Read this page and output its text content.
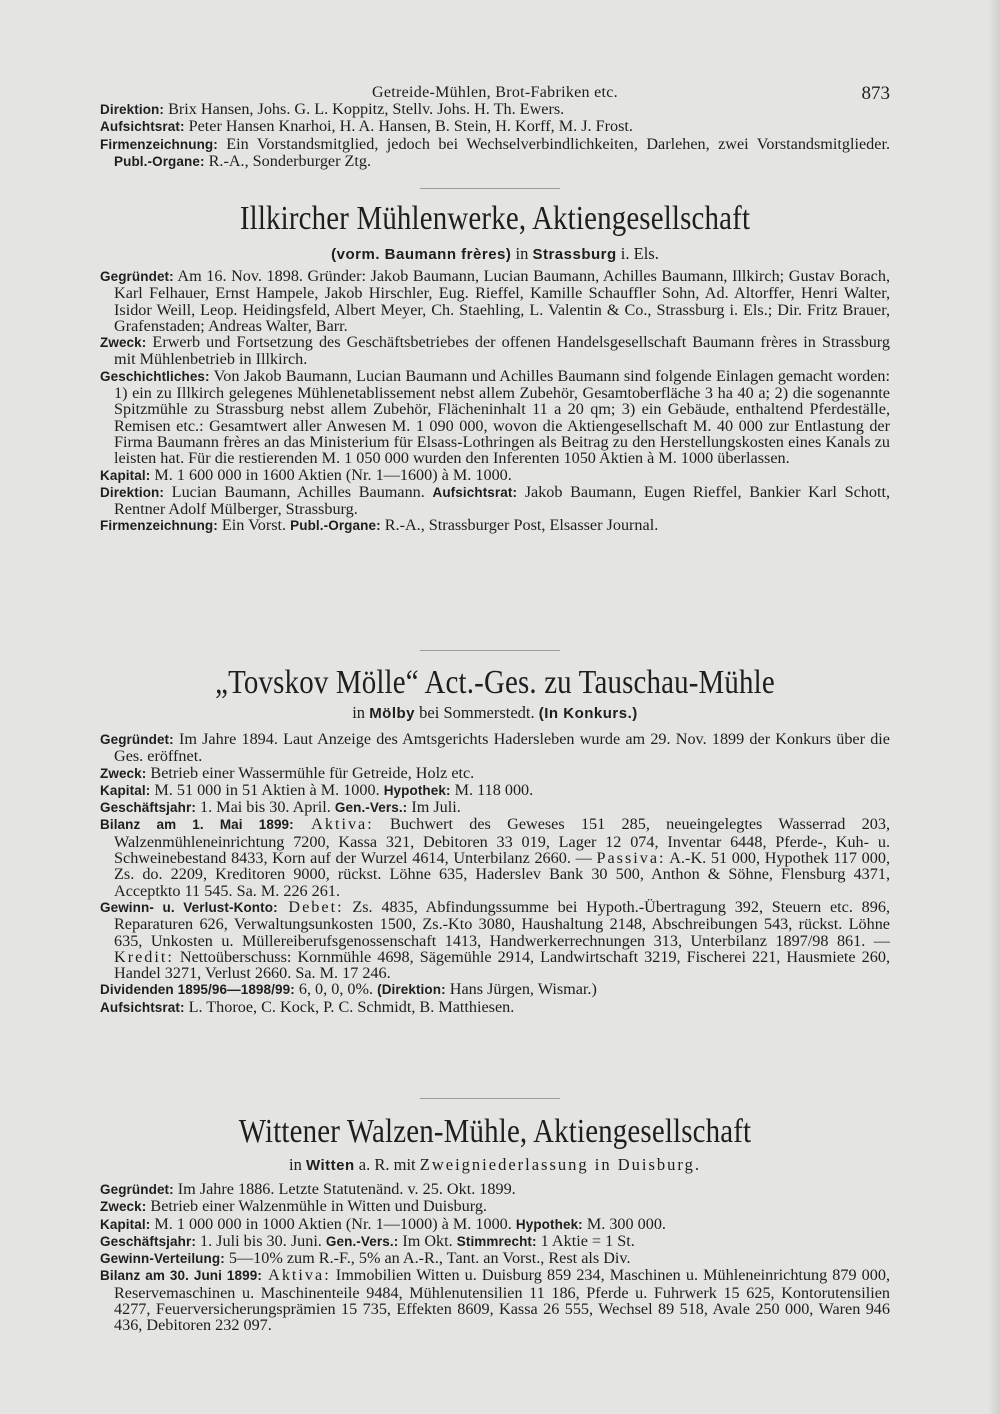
Getreide-Mühlen, Brot-Fabriken etc.	873

Direktion: Brix Hansen, Johs. G. L. Koppitz, Stellv. Johs. H. Th. Ewers.

Aufsichtsrat: Peter Hansen Knarhoi, H. A. Hansen, B. Stein, H. Korff, M. J. Frost.

Firmenzeichnung: Ein Vorstandsmitglied, jedoch bei Wechselverbindlichkeiten, Darlehen, zwei Vorstandsmitglieder. Publ.-Organe: R.-A., Sonderburger Ztg.

Illkircher Mühlenwerke, Aktiengesellschaft
(vorm. Baumann frères) in Strassburg i. Els.

Gegründet: Am 16. Nov. 1898. Gründer: Jakob Baumann, Lucian Baumann, Achilles Baumann, Illkirch; Gustav Borach, Karl Felhauer, Ernst Hampele, Jakob Hirschler, Eug. Rieffel, Kamille Schauffler Sohn, Ad. Altorffer, Henri Walter, Isidor Weill, Leop. Heidingsfeld, Albert Meyer, Ch. Staehling, L. Valentin & Co., Strassburg i. Els.; Dir. Fritz Brauer, Grafenstaden; Andreas Walter, Barr.

Zweck: Erwerb und Fortsetzung des Geschäftsbetriebes der offenen Handelsgesellschaft Baumann frères in Strassburg mit Mühlenbetrieb in Illkirch.

Geschichtliches: Von Jakob Baumann, Lucian Baumann und Achilles Baumann sind folgende Einlagen gemacht worden: 1) ein zu Illkirch gelegenes Mühlenetablissement nebst allem Zubehör, Gesamtoberfläche 3 ha 40 a; 2) die sogenannte Spitzmühle zu Strassburg nebst allem Zubehör, Flächeninhalt 11 a 20 qm; 3) ein Gebäude, enthaltend Pferdeställe, Remisen etc.: Gesamtwert aller Anwesen M. 1 090 000, wovon die Aktiengesellschaft M. 40 000 zur Entlastung der Firma Baumann frères an das Ministerium für Elsass-Lothringen als Beitrag zu den Herstellungskosten eines Kanals zu leisten hat. Für die restierenden M. 1 050 000 wurden den Inferenten 1050 Aktien à M. 1000 überlassen.

Kapital: M. 1 600 000 in 1600 Aktien (Nr. 1—1600) à M. 1000.

Direktion: Lucian Baumann, Achilles Baumann. Aufsichtsrat: Jakob Baumann, Eugen Rieffel, Bankier Karl Schott, Rentner Adolf Mülberger, Strassburg.

Firmenzeichnung: Ein Vorst. Publ.-Organe: R.-A., Strassburger Post, Elsasser Journal.

„Tovskov Mölle“ Act.-Ges. zu Tauschau-Mühle
in Mölby bei Sommerstedt. (In Konkurs.)

Gegründet: Im Jahre 1894. Laut Anzeige des Amtsgerichts Hadersleben wurde am 29. Nov. 1899 der Konkurs über die Ges. eröffnet.

Zweck: Betrieb einer Wassermühle für Getreide, Holz etc.

Kapital: M. 51 000 in 51 Aktien à M. 1000. Hypothek: M. 118 000.

Geschäftsjahr: 1. Mai bis 30. April. Gen.-Vers.: Im Juli.

Bilanz am 1. Mai 1899: Aktiva: Buchwert des Geweses 151 285, neueingelegtes Wasserrad 203, Walzenmühleneinrichtung 7200, Kassa 321, Debitoren 33 019, Lager 12 074, Inventar 6448, Pferde-, Kuh- u. Schweinebestand 8433, Korn auf der Wurzel 4614, Unterbilanz 2660. — Passiva: A.-K. 51 000, Hypothek 117 000, Zs. do. 2209, Kreditoren 9000, rückst. Löhne 635, Haderslev Bank 30 500, Anthon & Söhne, Flensburg 4371, Acceptkto 11 545. Sa. M. 226 261.

Gewinn- u. Verlust-Konto: Debet: Zs. 4835, Abfindungssumme bei Hypoth.-Übertragung 392, Steuern etc. 896, Reparaturen 626, Verwaltungsunkosten 1500, Zs.-Kto 3080, Haushaltung 2148, Abschreibungen 543, rückst. Löhne 635, Unkosten u. Müllereiberufsgenossenschaft 1413, Handwerkerrechnungen 313, Unterbilanz 1897/98 861. — Kredit: Nettoüberschuss: Kornmühle 4698, Sägemühle 2914, Landwirtschaft 3219, Fischerei 221, Hausmiete 260, Handel 3271, Verlust 2660. Sa. M. 17 246.

Dividenden 1895/96—1898/99: 6, 0, 0, 0%. (Direktion: Hans Jürgen, Wismar.)

Aufsichtsrat: L. Thoroe, C. Kock, P. C. Schmidt, B. Matthiesen.

Wittener Walzen-Mühle, Aktiengesellschaft
in Witten a. R. mit Zweigniederlassung in Duisburg.

Gegründet: Im Jahre 1886. Letzte Statutenänd. v. 25. Okt. 1899.

Zweck: Betrieb einer Walzenmühle in Witten und Duisburg.

Kapital: M. 1 000 000 in 1000 Aktien (Nr. 1—1000) à M. 1000. Hypothek: M. 300 000.

Geschäftsjahr: 1. Juli bis 30. Juni. Gen.-Vers.: Im Okt. Stimmrecht: 1 Aktie = 1 St.

Gewinn-Verteilung: 5—10% zum R.-F., 5% an A.-R., Tant. an Vorst., Rest als Div.

Bilanz am 30. Juni 1899: Aktiva: Immobilien Witten u. Duisburg 859 234, Maschinen u. Mühleneinrichtung 879 000, Reservemaschinen u. Maschinenteile 9484, Mühlenutensilien 11 186, Pferde u. Fuhrwerk 15 625, Kontorutensilien 4277, Feuerversicherungsprämien 15 735, Effekten 8609, Kassa 26 555, Wechsel 89 518, Avale 250 000, Waren 946 436, Debitoren 232 097.
